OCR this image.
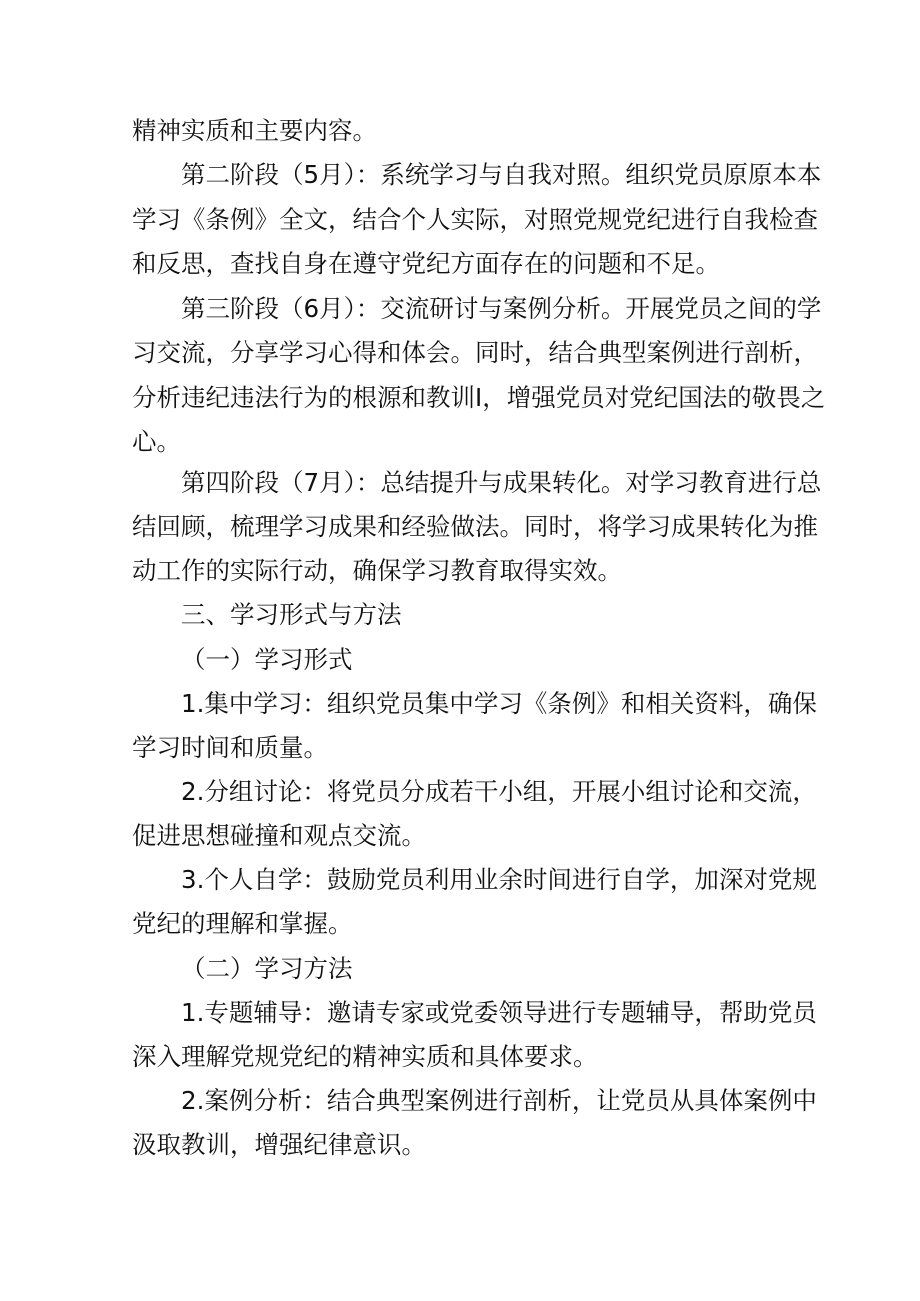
精神实质和主要内容。
第二阶段（5月）：系统学习与自我对照。组织党员原原本本
学习《条例》全文，结合个人实际，对照党规党纪进行自我检查
和反思，查找自身在遵守党纪方面存在的问题和不足。
第三阶段（6月）：交流研讨与案例分析。开展党员之间的学
习交流，分享学习心得和体会。同时，结合典型案例进行剖析，
分析违纪违法行为的根源和教训I，增强党员对党纪国法的敬畏之
心。
第四阶段（7月）：总结提升与成果转化。对学习教育进行总
结回顾，梳理学习成果和经验做法。同时，将学习成果转化为推
动工作的实际行动，确保学习教育取得实效。
三、学习形式与方法
（一）学习形式
1.集中学习：组织党员集中学习《条例》和相关资料，确保
学习时间和质量。
2.分组讨论：将党员分成若干小组，开展小组讨论和交流，
促进思想碰撞和观点交流。
3.个人自学：鼓励党员利用业余时间进行自学，加深对党规
党纪的理解和掌握。
（二）学习方法
1.专题辅导：邀请专家或党委领导进行专题辅导，帮助党员
深入理解党规党纪的精神实质和具体要求。
2.案例分析：结合典型案例进行剖析，让党员从具体案例中
汲取教训，增强纪律意识。
